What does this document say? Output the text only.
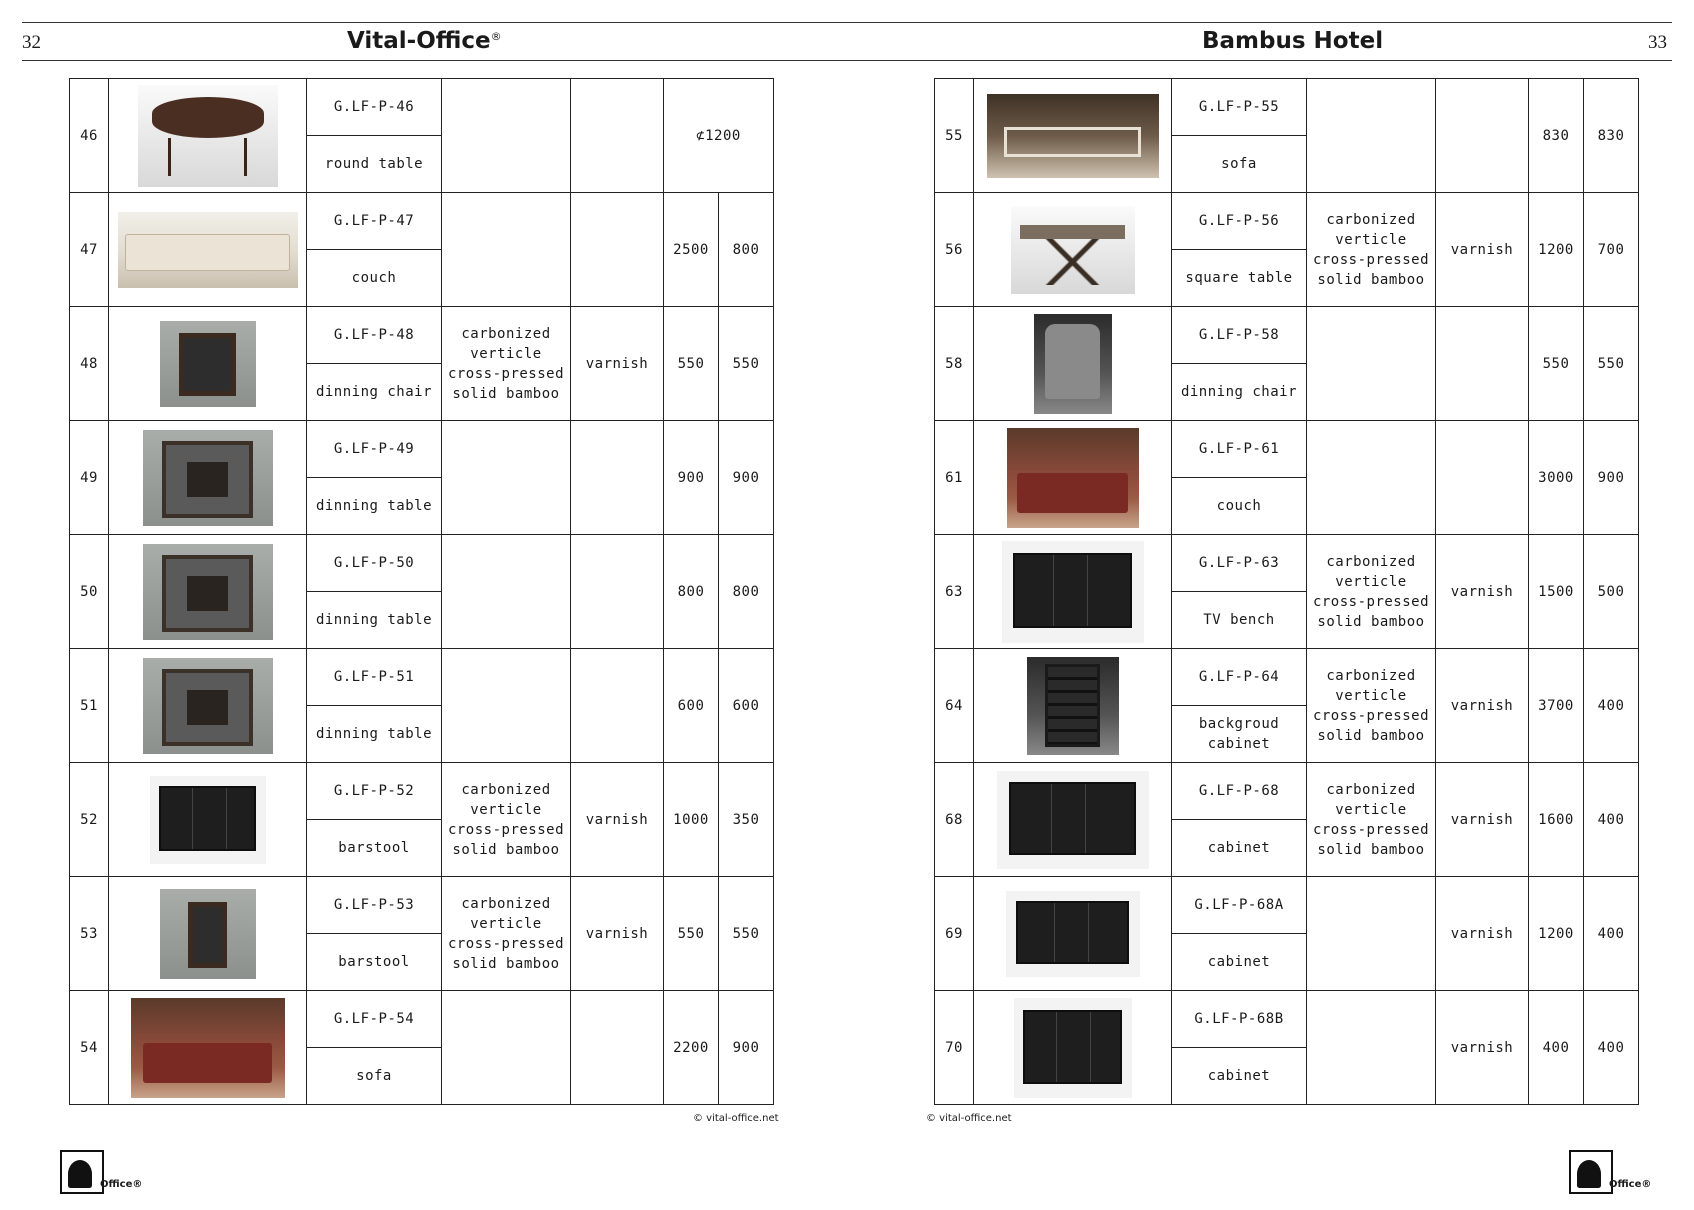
32	Vital-Office®	Bambus Hotel	33
46		G.LF-P-46			⊄1200	
		round table				
47		G.LF-P-47			2500	800
		couch				
48		G.LF-P-48	carbonized verticle cross-pressed solid bamboo	varnish	550	550
		dinning chair				
49		G.LF-P-49			900	900
		dinning table				
50		G.LF-P-50			800	800
		dinning table				
51		G.LF-P-51			600	600
		dinning table				
52		G.LF-P-52	carbonized verticle cross-pressed solid bamboo	varnish	1000	350
		barstool				
53		G.LF-P-53	carbonized verticle cross-pressed solid bamboo	varnish	550	550
		barstool				
54		G.LF-P-54			2200	900
		sofa				
55		G.LF-P-55			830	830
		sofa				
56		G.LF-P-56	carbonized verticle cross-pressed solid bamboo	varnish	1200	700
		square table				
58		G.LF-P-58			550	550
		dinning chair				
61		G.LF-P-61			3000	900
		couch				
63		G.LF-P-63	carbonized verticle cross-pressed solid bamboo	varnish	1500	500
		TV bench				
64		G.LF-P-64	carbonized verticle cross-pressed solid bamboo	varnish	3700	400
		backgroud cabinet				
68		G.LF-P-68	carbonized verticle cross-pressed solid bamboo	varnish	1600	400
		cabinet				
69		G.LF-P-68A		varnish	1200	400
		cabinet				
70		G.LF-P-68B		varnish	400	400
		cabinet				
© vital-office.net	© vital-office.net
Office®	Office®
